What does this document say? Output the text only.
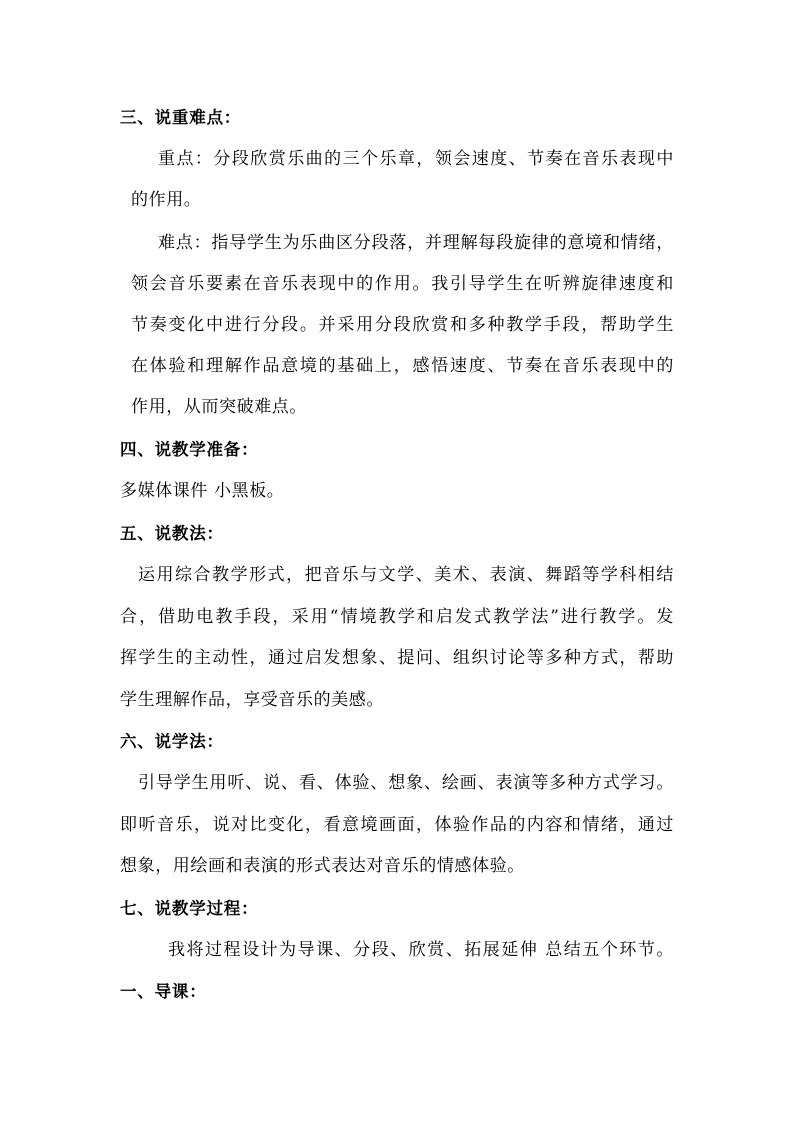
三、说重难点：

重点：分段欣赏乐曲的三个乐章，领会速度、节奏在音乐表现中

的作用。

难点：指导学生为乐曲区分段落，并理解每段旋律的意境和情绪，

领会音乐要素在音乐表现中的作用。我引导学生在听辨旋律速度和

节奏变化中进行分段。并采用分段欣赏和多种教学手段，帮助学生

在体验和理解作品意境的基础上，感悟速度、节奏在音乐表现中的

作用，从而突破难点。

四、说教学准备：

多媒体课件 小黑板。

五、说教法：

运用综合教学形式，把音乐与文学、美术、表演、舞蹈等学科相结

合，借助电教手段，采用“情境教学和启发式教学法”进行教学。发

挥学生的主动性，通过启发想象、提问、组织讨论等多种方式，帮助

学生理解作品，享受音乐的美感。

六、说学法：

引导学生用听、说、看、体验、想象、绘画、表演等多种方式学习。

即听音乐，说对比变化，看意境画面，体验作品的内容和情绪，通过

想象，用绘画和表演的形式表达对音乐的情感体验。

七、说教学过程：

我将过程设计为导课、分段、欣赏、拓展延伸 总结五个环节。

一、导课：
